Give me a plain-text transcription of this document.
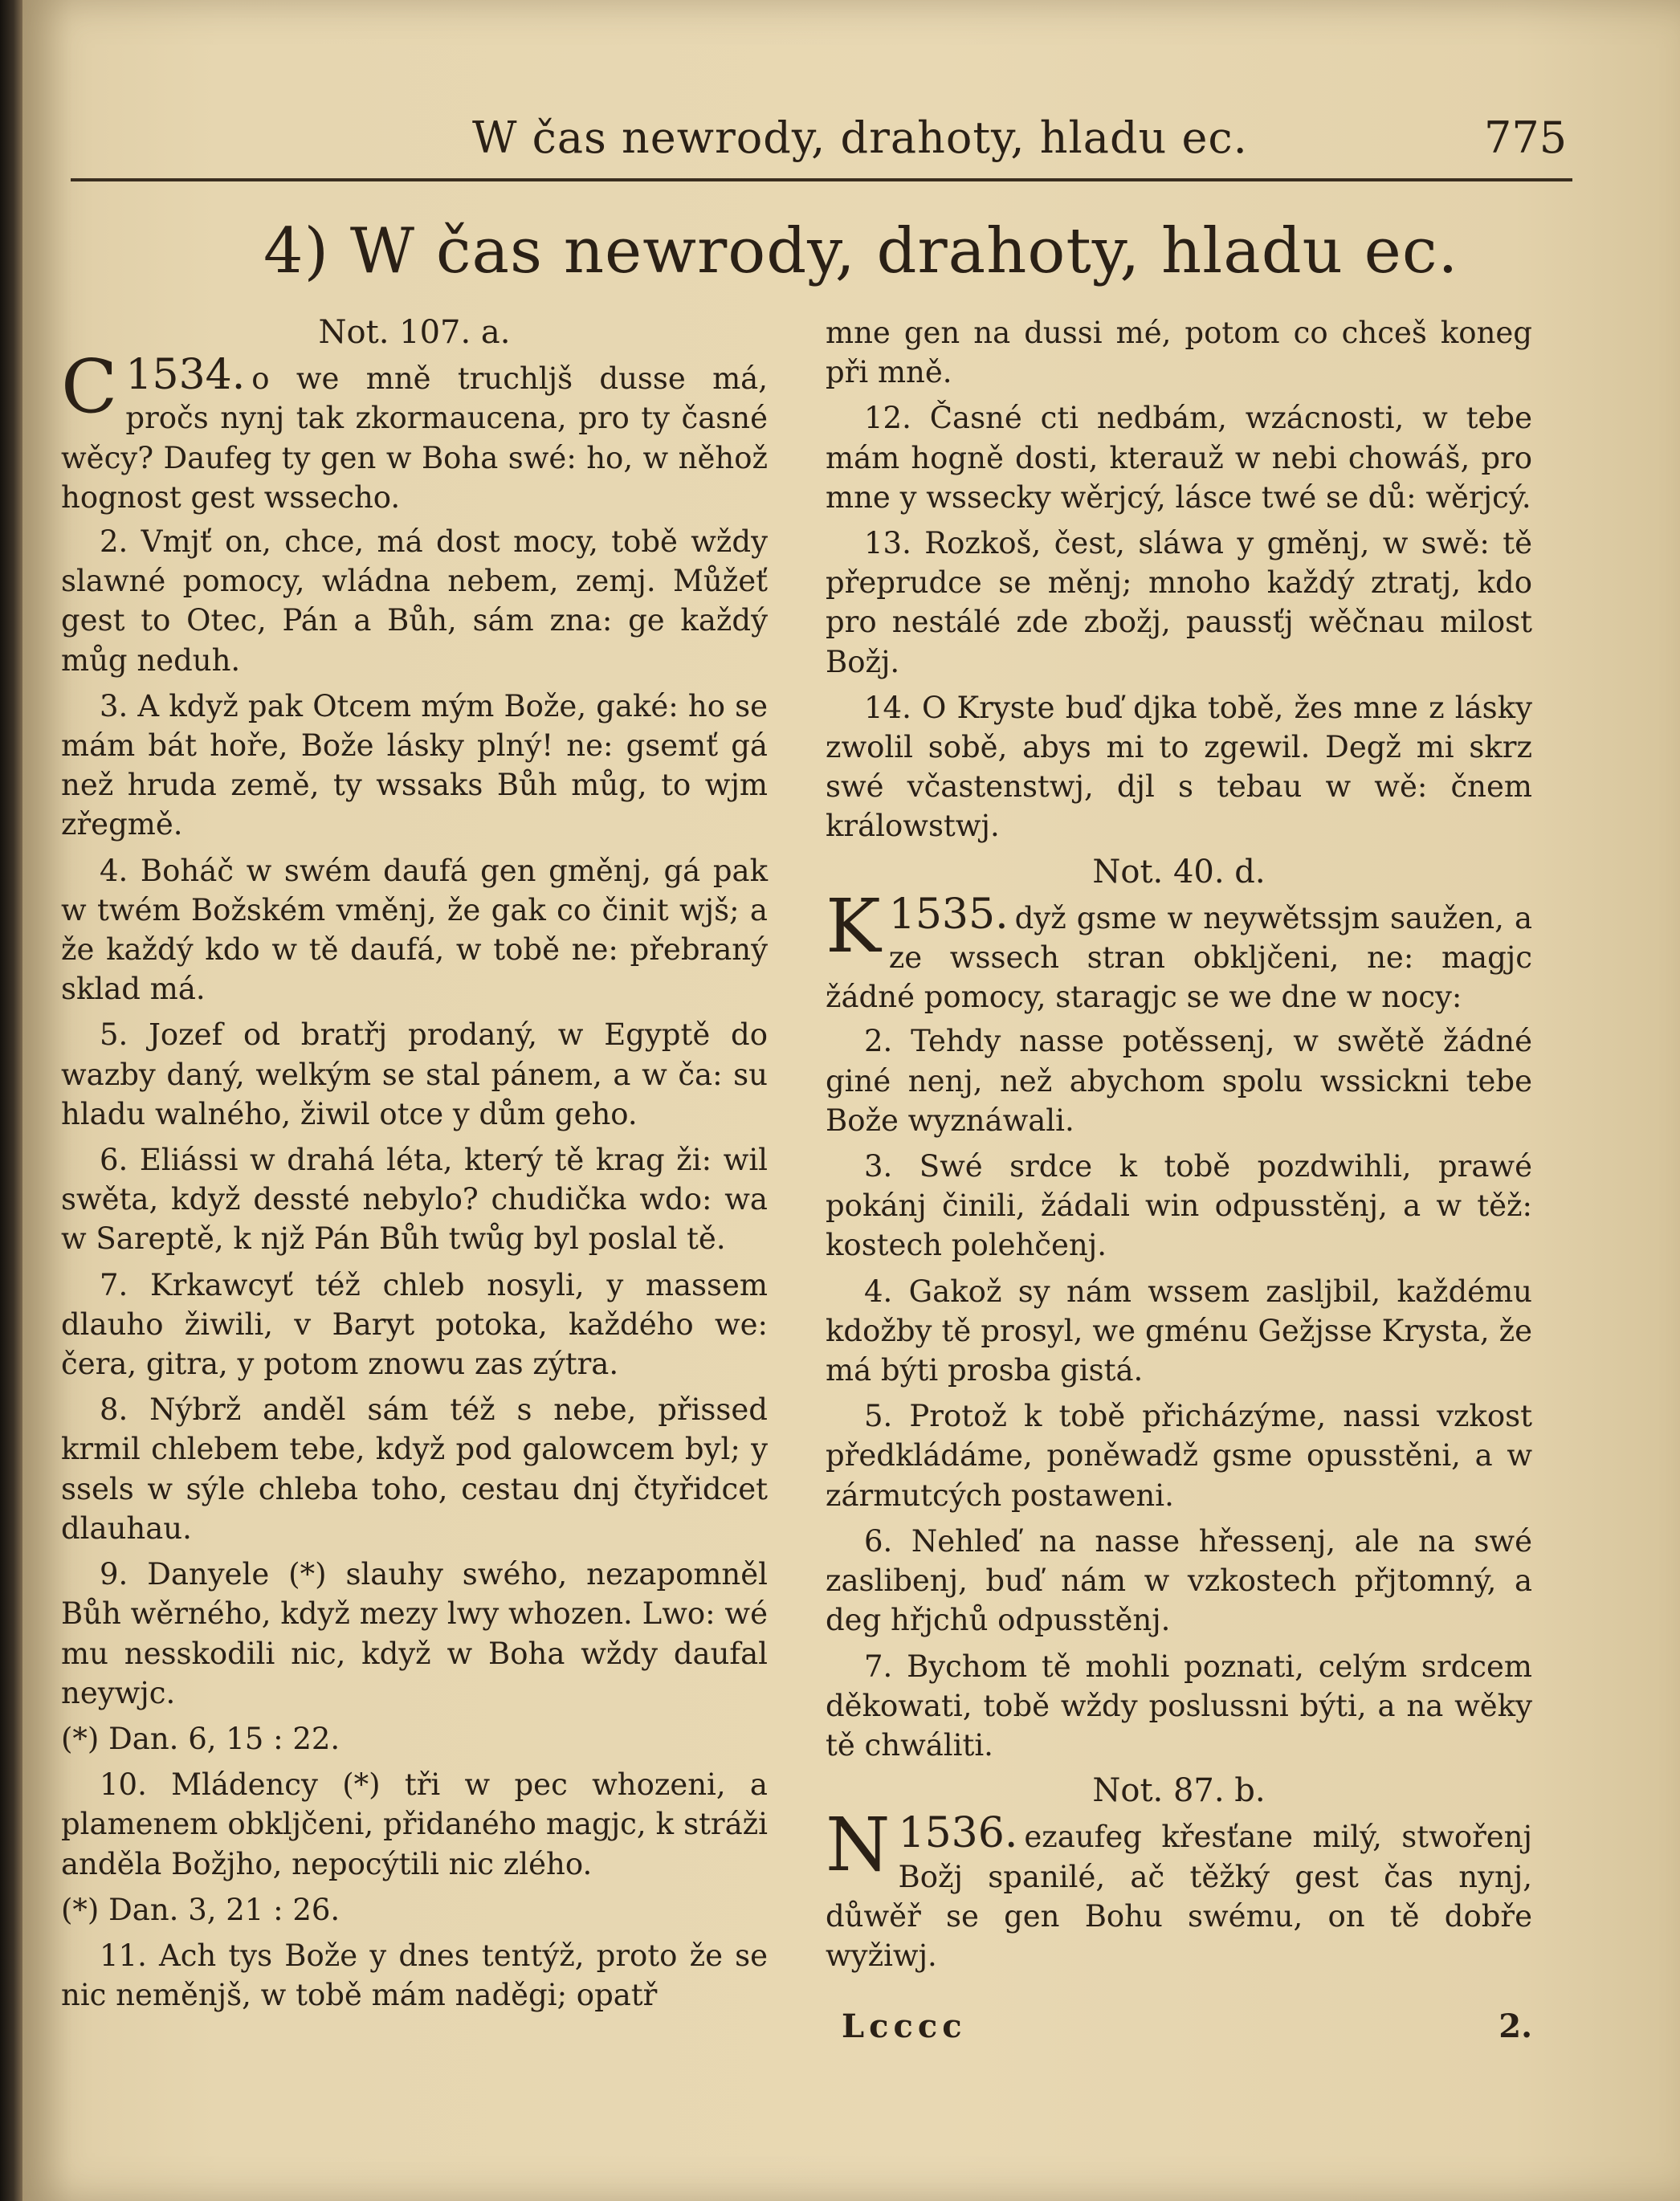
W čas newrody, drahoty, hladu ec.	775
4) W čas newrody, drahoty, hladu ec.
Not. 107. a.
1534.
C	o we mně truchljš dusse má, pročs nynj tak zkormaucena, pro ty časné wěcy? Daufeg ty gen w Boha swé: ho, w něhož hognost gest wssecho.

2. Vmjť on, chce, má dost mocy, tobě wždy slawné pomocy, wládna nebem, zemj. Můžeť gest to Otec, Pán a Bůh, sám zna: ge každý můg neduh.

3. A když pak Otcem mým Bože, gaké: ho se mám bát hoře, Bože lásky plný! ne: gsemť gá než hruda země, ty wssaks Bůh můg, to wjm zřegmě.

4. Boháč w swém daufá gen gměnj, gá pak w twém Božském vměnj, že gak co činit wjš; a že každý kdo w tě daufá, w tobě ne: přebraný sklad má.

5. Jozef od bratřj prodaný, w Egyptě do wazby daný, welkým se stal pánem, a w ča: su hladu walného, žiwil otce y dům geho.

6. Eliássi w drahá léta, který tě krag ži: wil swěta, když dessté nebylo? chudička wdo: wa w Sareptě, k njž Pán Bůh twůg byl poslal tě.

7. Krkawcyť též chleb nosyli, y massem dlauho žiwili, v Baryt potoka, každého we: čera, gitra, y potom znowu zas zýtra.

8. Nýbrž anděl sám též s nebe, přissed krmil chlebem tebe, když pod galowcem byl; y ssels w sýle chleba toho, cestau dnj čtyřidcet dlauhau.

9. Danyele (*) slauhy swého, nezapomněl Bůh wěrného, když mezy lwy whozen. Lwo: wé mu nesskodili nic, když w Boha wždy daufal neywjc.

(*) Dan. 6, 15 : 22.

10. Mládency (*) tři w pec whozeni, a plamenem obkljčeni, přidaného magjc, k stráži anděla Božjho, nepocýtili nic zlého.

(*) Dan. 3, 21 : 26.

11. Ach tys Bože y dnes tentýž, proto že se nic neměnjš, w tobě mám naděgi; opatř

mne gen na dussi mé, potom co chceš koneg při mně.

12. Časné cti nedbám, wzácnosti, w tebe mám hogně dosti, kterauž w nebi chowáš, pro mne y wssecky wěrjcý, lásce twé se dů: wěrjcý.

13. Rozkoš, čest, sláwa y gměnj, w swě: tě přeprudce se měnj; mnoho každý ztratj, kdo pro nestálé zde zbožj, paussťj wěčnau milost Božj.

14. O Kryste buď djka tobě, žes mne z lásky zwolil sobě, abys mi to zgewil. Degž mi skrz swé včastenstwj, djl s tebau w wě: čnem králowstwj.

Not. 40. d.
1535.
K	dyž gsme w neywětssjm saužen, a ze wssech stran obkljčeni, ne: magjc žádné pomocy, staragjc se we dne w nocy:

2. Tehdy nasse potěssenj, w swětě žádné giné nenj, než abychom spolu wssickni tebe Bože wyznáwali.

3. Swé srdce k tobě pozdwihli, prawé pokánj činili, žádali win odpusstěnj, a w těž: kostech polehčenj.

4. Gakož sy nám wssem zasljbil, každému kdožby tě prosyl, we gménu Gežjsse Krysta, že má býti prosba gistá.

5. Protož k tobě přicházýme, nassi vzkost předkládáme, poněwadž gsme opusstěni, a w zármutcých postaweni.

6. Nehleď na nasse hřessenj, ale na swé zaslibenj, buď nám w vzkostech přjtomný, a deg hřjchů odpusstěnj.

7. Bychom tě mohli poznati, celým srdcem děkowati, tobě wždy poslussni býti, a na wěky tě chwáliti.

Not. 87. b.
1536.
N	ezaufeg křesťane milý, stwořenj Božj spanilé, ač těžký gest čas nynj, důwěř se gen Bohu swému, on tě dobře wyžiwj.
Lcccc	2.
